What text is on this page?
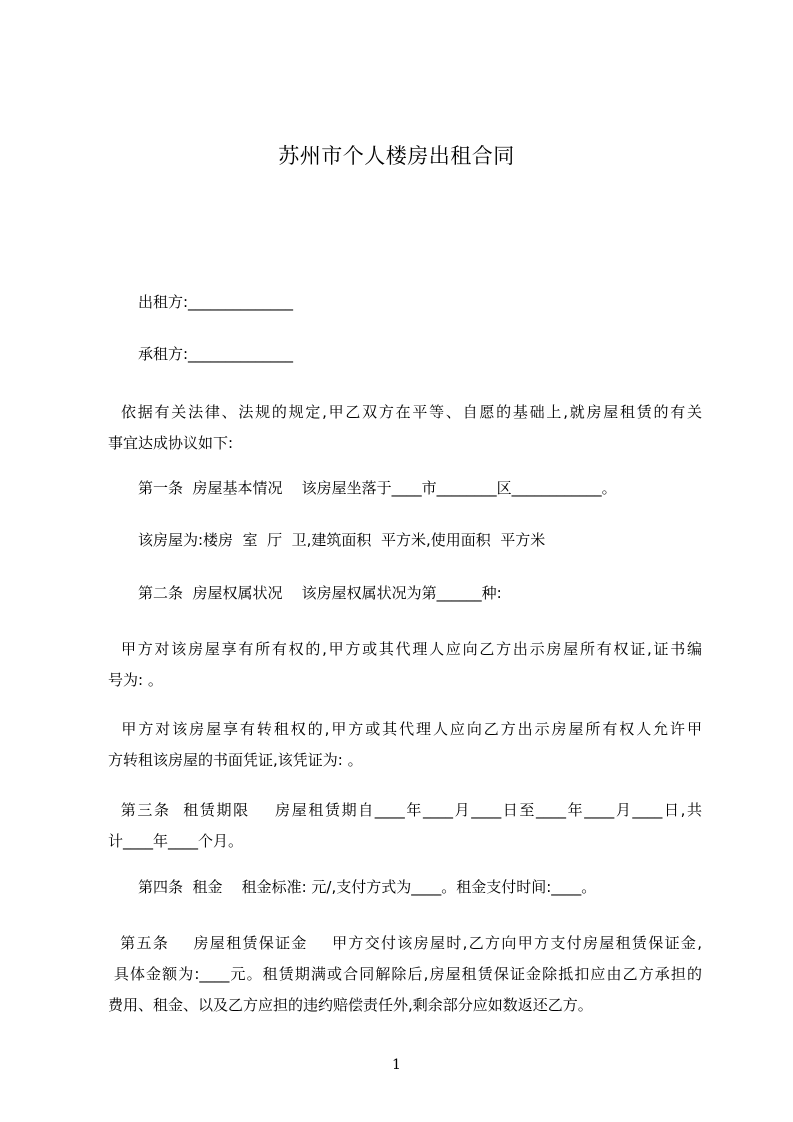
苏州市个人楼房出租合同
出租方:______________
承租方:______________
依据有关法律、法规的规定,甲乙双方在平等、自愿的基础上,就房屋租赁的有关
事宜达成协议如下:
第一条  房屋基本情况    该房屋坐落于____市________区____________。
该房屋为:楼房  室  厅  卫,建筑面积  平方米,使用面积  平方米
第二条  房屋权属状况    该房屋权属状况为第______种:
甲方对该房屋享有所有权的,甲方或其代理人应向乙方出示房屋所有权证,证书编
号为: 。
甲方对该房屋享有转租权的,甲方或其代理人应向乙方出示房屋所有权人允许甲
方转租该房屋的书面凭证,该凭证为: 。
第三条  租赁期限    房屋租赁期自____年____月____日至____年____月____日,共
计____年____个月。
第四条  租金    租金标准: 元/,支付方式为____。租金支付时间:____。
第五条    房屋租赁保证金    甲方交付该房屋时,乙方向甲方支付房屋租赁保证金,
具体金额为:____元。租赁期满或合同解除后,房屋租赁保证金除抵扣应由乙方承担的
费用、租金、以及乙方应担的违约赔偿责任外,剩余部分应如数返还乙方。
1
